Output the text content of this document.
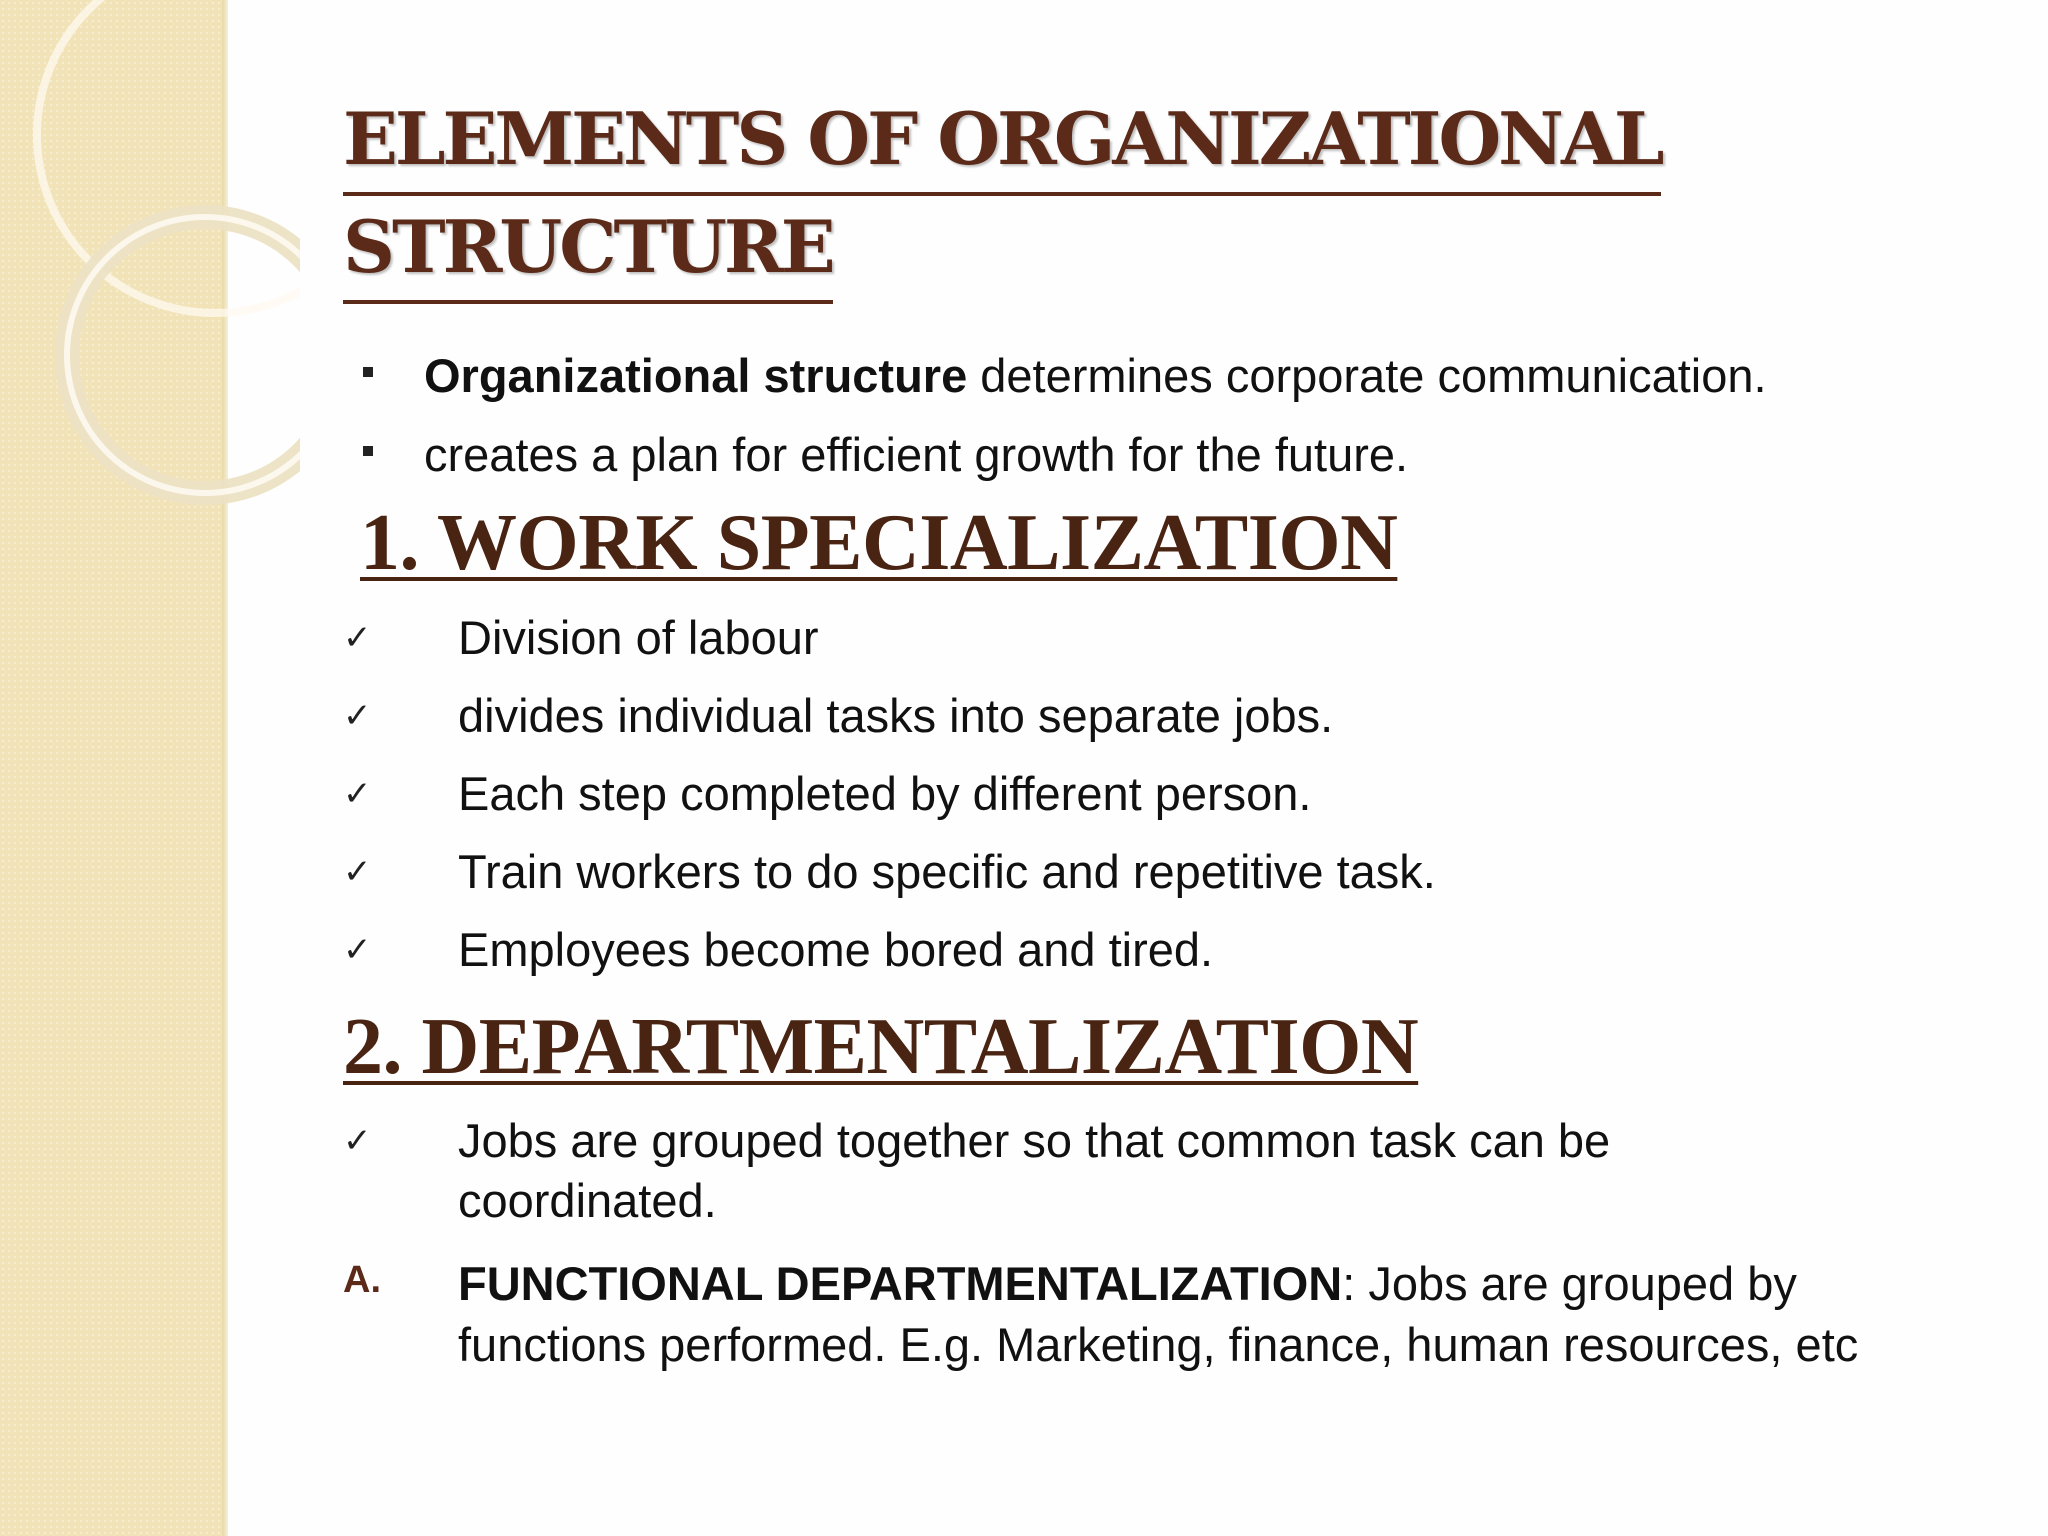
ELEMENTS OF ORGANIZATIONAL
STRUCTURE
Organizational structure determines corporate communication.
creates a plan for efficient growth for the future.
1. WORK SPECIALIZATION
✓ Division of labour
✓ divides individual tasks into separate jobs.
✓ Each step completed by different person.
✓ Train workers to do specific and repetitive task.
✓ Employees become bored and tired.
2. DEPARTMENTALIZATION
✓ Jobs are grouped together so that common task can be coordinated.
A. FUNCTIONAL DEPARTMENTALIZATION: Jobs are grouped by functions performed. E.g. Marketing, finance, human resources, etc
